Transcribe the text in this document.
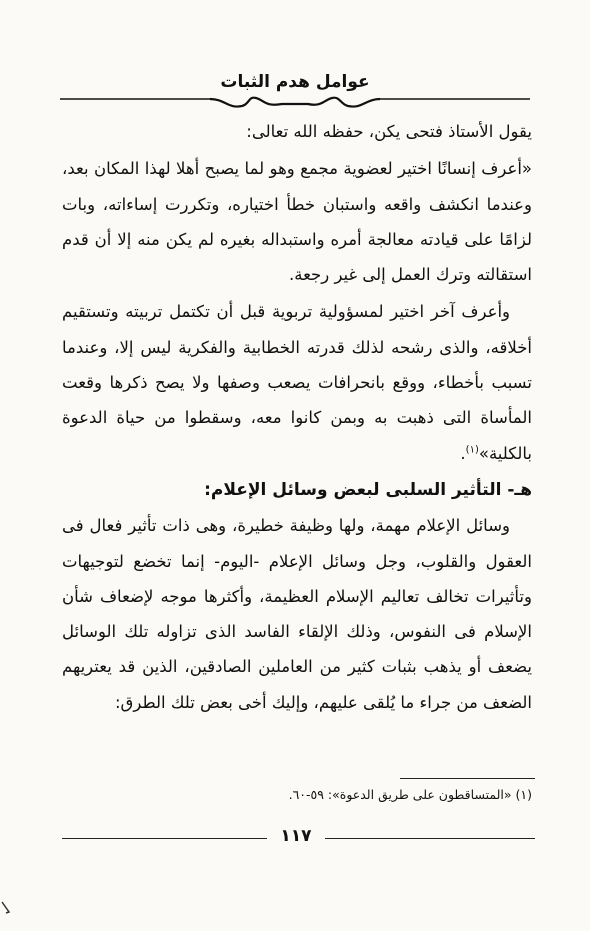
عوامل هدم الثبات

يقول الأستاذ فتحى يكن، حفظه الله تعالى:

«أعرف إنسانًا اختير لعضوية مجمع وهو لما يصبح أهلا لهذا المكان بعد، وعندما انكشف واقعه واستبان خطأ اختياره، وتكررت إساءاته، وبات لزامًا على قيادته معالجة أمره واستبداله بغيره لم يكن منه إلا أن قدم استقالته وترك العمل إلى غير رجعة.

وأعرف آخر اختير لمسؤولية تربوية قبل أن تكتمل تربيته وتستقيم أخلاقه، والذى رشحه لذلك قدرته الخطابية والفكرية ليس إلا، وعندما تسبب بأخطاء، ووقع بانحرافات يصعب وصفها ولا يصح ذكرها وقعت المأساة التى ذهبت به وبمن كانوا معه، وسقطوا من حياة الدعوة بالكلية»$^{(١)}$.

هـ- التأثير السلبى لبعض وسائل الإعلام:

وسائل الإعلام مهمة، ولها وظيفة خطيرة، وهى ذات تأثير فعال فى العقول والقلوب، وجل وسائل الإعلام -اليوم- إنما تخضع لتوجيهات وتأثيرات تخالف تعاليم الإسلام العظيمة، وأكثرها موجه لإضعاف شأن الإسلام فى النفوس، وذلك الإلقاء الفاسد الذى تزاوله تلك الوسائل يضعف أو يذهب بثبات كثير من العاملين الصادقين، الذين قد يعتريهم الضعف من جراء ما يُلقى عليهم، وإليك أخى بعض تلك الطرق:

(١) «المتساقطون على طريق الدعوة»: ٥٩-٦٠.
١١٧
